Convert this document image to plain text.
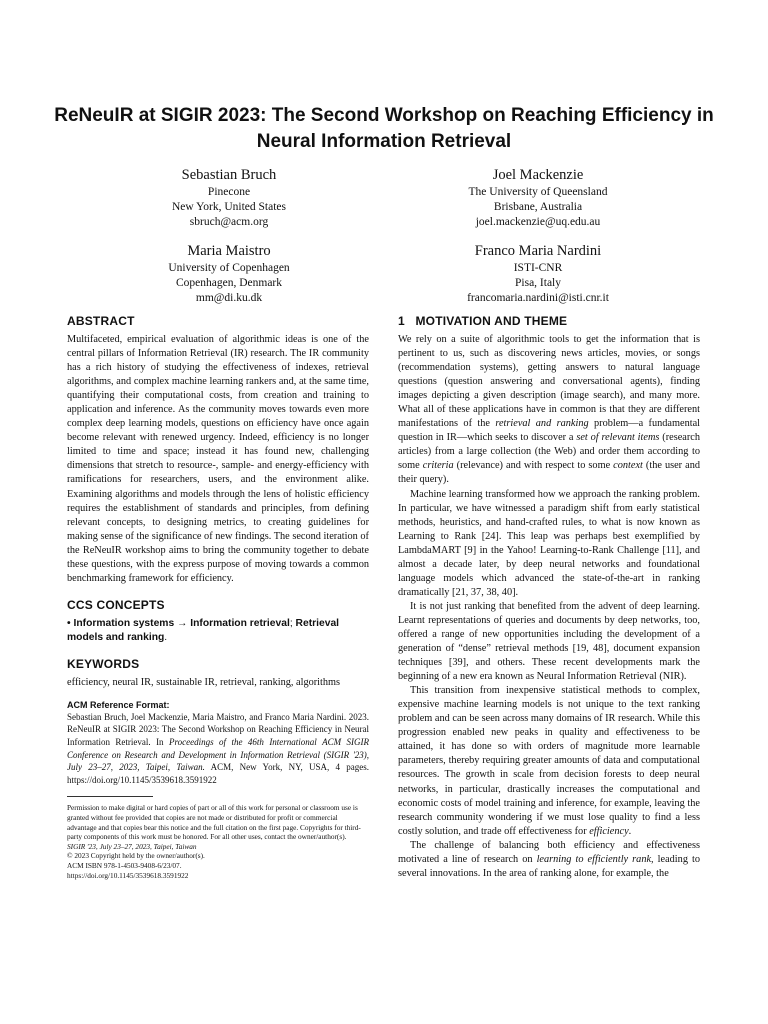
ReNeuIR at SIGIR 2023: The Second Workshop on Reaching Efficiency in Neural Information Retrieval
Sebastian Bruch
Pinecone
New York, United States
sbruch@acm.org
Joel Mackenzie
The University of Queensland
Brisbane, Australia
joel.mackenzie@uq.edu.au
Maria Maistro
University of Copenhagen
Copenhagen, Denmark
mm@di.ku.dk
Franco Maria Nardini
ISTI-CNR
Pisa, Italy
francomaria.nardini@isti.cnr.it
ABSTRACT

Multifaceted, empirical evaluation of algorithmic ideas is one of the central pillars of Information Retrieval (IR) research. The IR community has a rich history of studying the effectiveness of indexes, retrieval algorithms, and complex machine learning rankers and, at the same time, quantifying their computational costs, from creation and training to application and inference. As the community moves towards even more complex deep learning models, questions on efficiency have once again become relevant with renewed urgency. Indeed, efficiency is no longer limited to time and space; instead it has found new, challenging dimensions that stretch to resource-, sample- and energy-efficiency with ramifications for researchers, users, and the environment alike. Examining algorithms and models through the lens of holistic efficiency requires the establishment of standards and principles, from defining relevant concepts, to designing metrics, to creating guidelines for making sense of the significance of new findings. The second iteration of the ReNeuIR workshop aims to bring the community together to debate these questions, with the express purpose of moving towards a common benchmarking framework for efficiency.

CCS CONCEPTS
• Information systems → Information retrieval; Retrieval models and ranking.
KEYWORDS

efficiency, neural IR, sustainable IR, retrieval, ranking, algorithms

ACM Reference Format:

Sebastian Bruch, Joel Mackenzie, Maria Maistro, and Franco Maria Nardini. 2023. ReNeuIR at SIGIR 2023: The Second Workshop on Reaching Efficiency in Neural Information Retrieval. In Proceedings of the 46th International ACM SIGIR Conference on Research and Development in Information Retrieval (SIGIR '23), July 23–27, 2023, Taipei, Taiwan. ACM, New York, NY, USA, 4 pages. https://doi.org/10.1145/3539618.3591922

Permission to make digital or hard copies of part or all of this work for personal or classroom use is granted without fee provided that copies are not made or distributed for profit or commercial advantage and that copies bear this notice and the full citation on the first page. Copyrights for third-party components of this work must be honored. For all other uses, contact the owner/author(s).
SIGIR '23, July 23–27, 2023, Taipei, Taiwan
© 2023 Copyright held by the owner/author(s).
ACM ISBN 978-1-4503-9408-6/23/07.
https://doi.org/10.1145/3539618.3591922
1   MOTIVATION AND THEME

We rely on a suite of algorithmic tools to get the information that is pertinent to us, such as discovering news articles, movies, or songs (recommendation systems), getting answers to natural language questions (question answering and conversational agents), finding images depicting a given description (image search), and many more. What all of these applications have in common is that they are different manifestations of the retrieval and ranking problem—a fundamental question in IR—which seeks to discover a set of relevant items (research articles) from a large collection (the Web) and order them according to some criteria (relevance) and with respect to some context (the user and their query).

Machine learning transformed how we approach the ranking problem. In particular, we have witnessed a paradigm shift from early statistical methods, heuristics, and hand-crafted rules, to what is now known as Learning to Rank [24]. This leap was perhaps best exemplified by LambdaMART [9] in the Yahoo! Learning-to-Rank Challenge [11], and almost a decade later, by deep neural networks and foundational language models which advanced the state-of-the-art in ranking dramatically [21, 37, 38, 40].

It is not just ranking that benefited from the advent of deep learning. Learnt representations of queries and documents by deep networks, too, offered a range of new opportunities including the development of a generation of “dense” retrieval methods [19, 48], document expansion techniques [39], and others. These recent developments mark the beginning of a new era known as Neural Information Retrieval (NIR).

This transition from inexpensive statistical methods to complex, expensive machine learning models is not unique to the text ranking problem and can be seen across many domains of IR research. While this progression enabled new peaks in quality and effectiveness to be attained, it has done so with orders of magnitude more learnable parameters, thereby requiring greater amounts of data and computational resources. The growth in scale from decision forests to deep neural networks, in particular, drastically increases the computational and economic costs of model training and inference, for example, leaving the research community wondering if we must lose quality to find a less costly solution, and trade off effectiveness for efficiency.

The challenge of balancing both efficiency and effectiveness motivated a line of research on learning to efficiently rank, leading to several innovations. In the area of ranking alone, for example, the
